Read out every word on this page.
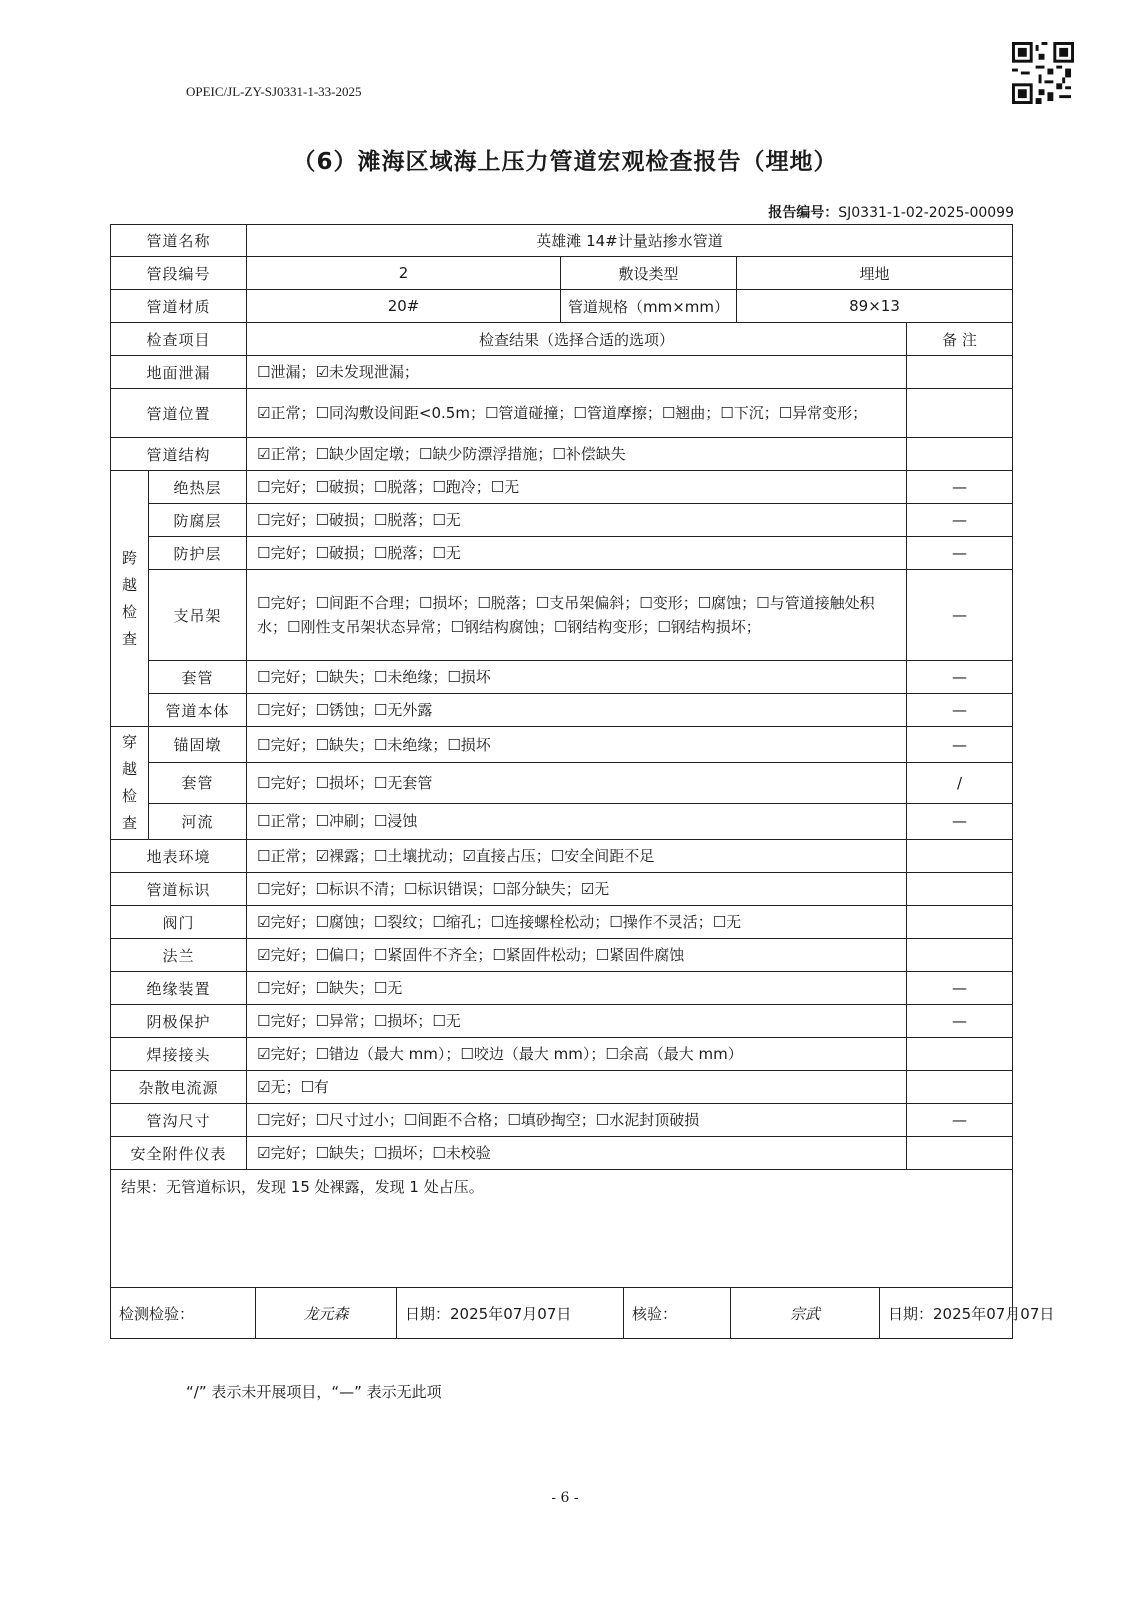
OPEIC/JL-ZY-SJ0331-1-33-2025
（6）滩海区域海上压力管道宏观检查报告（埋地）
报告编号：SJ0331-1-02-2025-00099
管道名称	英雄滩 14#计量站掺水管道
管段编号	2	敷设类型	埋地
管道材质	20#	管道规格（mm×mm）	89×13
检查项目	检查结果（选择合适的选项）	备 注
地面泄漏	☐泄漏；☑未发现泄漏；	
管道位置	☑正常；☐同沟敷设间距<0.5m；☐管道碰撞；☐管道摩擦；☐翘曲；☐下沉；☐异常变形；	
管道结构	☑正常；☐缺少固定墩；☐缺少防漂浮措施；☐补偿缺失	

跨
越
检
查
	绝热层	☐完好；☐破损；☐脱落；☐跑冷；☐无	—
防腐层	☐完好；☐破损；☐脱落；☐无	—
防护层	☐完好；☐破损；☐脱落；☐无	—
支吊架	☐完好；☐间距不合理；☐损坏；☐脱落；☐支吊架偏斜；☐变形；☐腐蚀；☐与管道接触处积水；☐刚性支吊架状态异常；☐钢结构腐蚀；☐钢结构变形；☐钢结构损坏；	—
套管	☐完好；☐缺失；☐未绝缘；☐损坏	—
管道本体	☐完好；☐锈蚀；☐无外露	—

穿
越
检
查
	锚固墩	☐完好；☐缺失；☐未绝缘；☐损坏	—
套管	☐完好；☐损坏；☐无套管	/
河流	☐正常；☐冲刷；☐浸蚀	—
地表环境	☐正常；☑裸露；☐土壤扰动；☑直接占压；☐安全间距不足	
管道标识	☐完好；☐标识不清；☐标识错误；☐部分缺失；☑无	
阀门	☑完好；☐腐蚀；☐裂纹；☐缩孔；☐连接螺栓松动；☐操作不灵活；☐无	
法兰	☑完好；☐偏口；☐紧固件不齐全；☐紧固件松动；☐紧固件腐蚀	
绝缘装置	☐完好；☐缺失；☐无	—
阴极保护	☐完好；☐异常；☐损坏；☐无	—
焊接接头	☑完好；☐错边（最大 mm）；☐咬边（最大 mm）；☐余高（最大 mm）	
杂散电流源	☑无；☐有	
管沟尺寸	☐完好；☐尺寸过小；☐间距不合格；☐填砂掏空；☐水泥封顶破损	—
安全附件仪表	☑完好；☐缺失；☐损坏；☐未校验	
结果：无管道标识，发现 15 处裸露，发现 1 处占压。

检测检验：	龙元森	日期：2025年07月07日	核验：	宗武	日期：2025年07月07日
“/” 表示未开展项目，“—” 表示无此项
- 6 -
